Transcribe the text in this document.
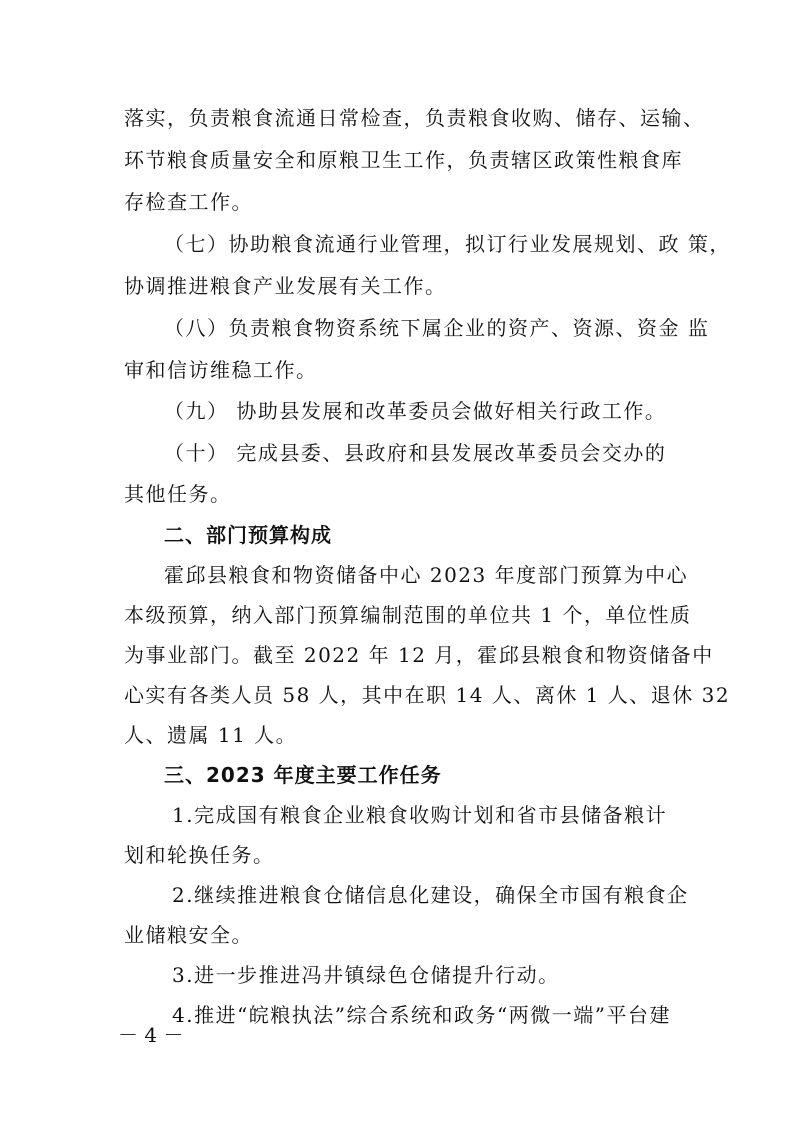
落实，负责粮食流通日常检查，负责粮食收购、储存、运输、
环节粮食质量安全和原粮卫生工作，负责辖区政策性粮食库
存检查工作。
（七）协助粮食流通行业管理，拟订行业发展规划、政 策，
协调推进粮食产业发展有关工作。
（八）负责粮食物资系统下属企业的资产、资源、资金 监
审和信访维稳工作。
（九） 协助县发展和改革委员会做好相关行政工作。
（十） 完成县委、县政府和县发展改革委员会交办的
其他任务。
二、部门预算构成
霍邱县粮食和物资储备中心 2023 年度部门预算为中心
本级预算，纳入部门预算编制范围的单位共 1 个，单位性质
为事业部门。截至 2022 年 12 月，霍邱县粮食和物资储备中
心实有各类人员 58 人，其中在职 14 人、离休 1 人、退休 32
人、遗属 11 人。
三、2023 年度主要工作任务
1.完成国有粮食企业粮食收购计划和省市县储备粮计
划和轮换任务。
2.继续推进粮食仓储信息化建设，确保全市国有粮食企
业储粮安全。
3.进一步推进冯井镇绿色仓储提升行动。
4.推进“皖粮执法”综合系统和政务“两微一端”平台建
－ 4 －
